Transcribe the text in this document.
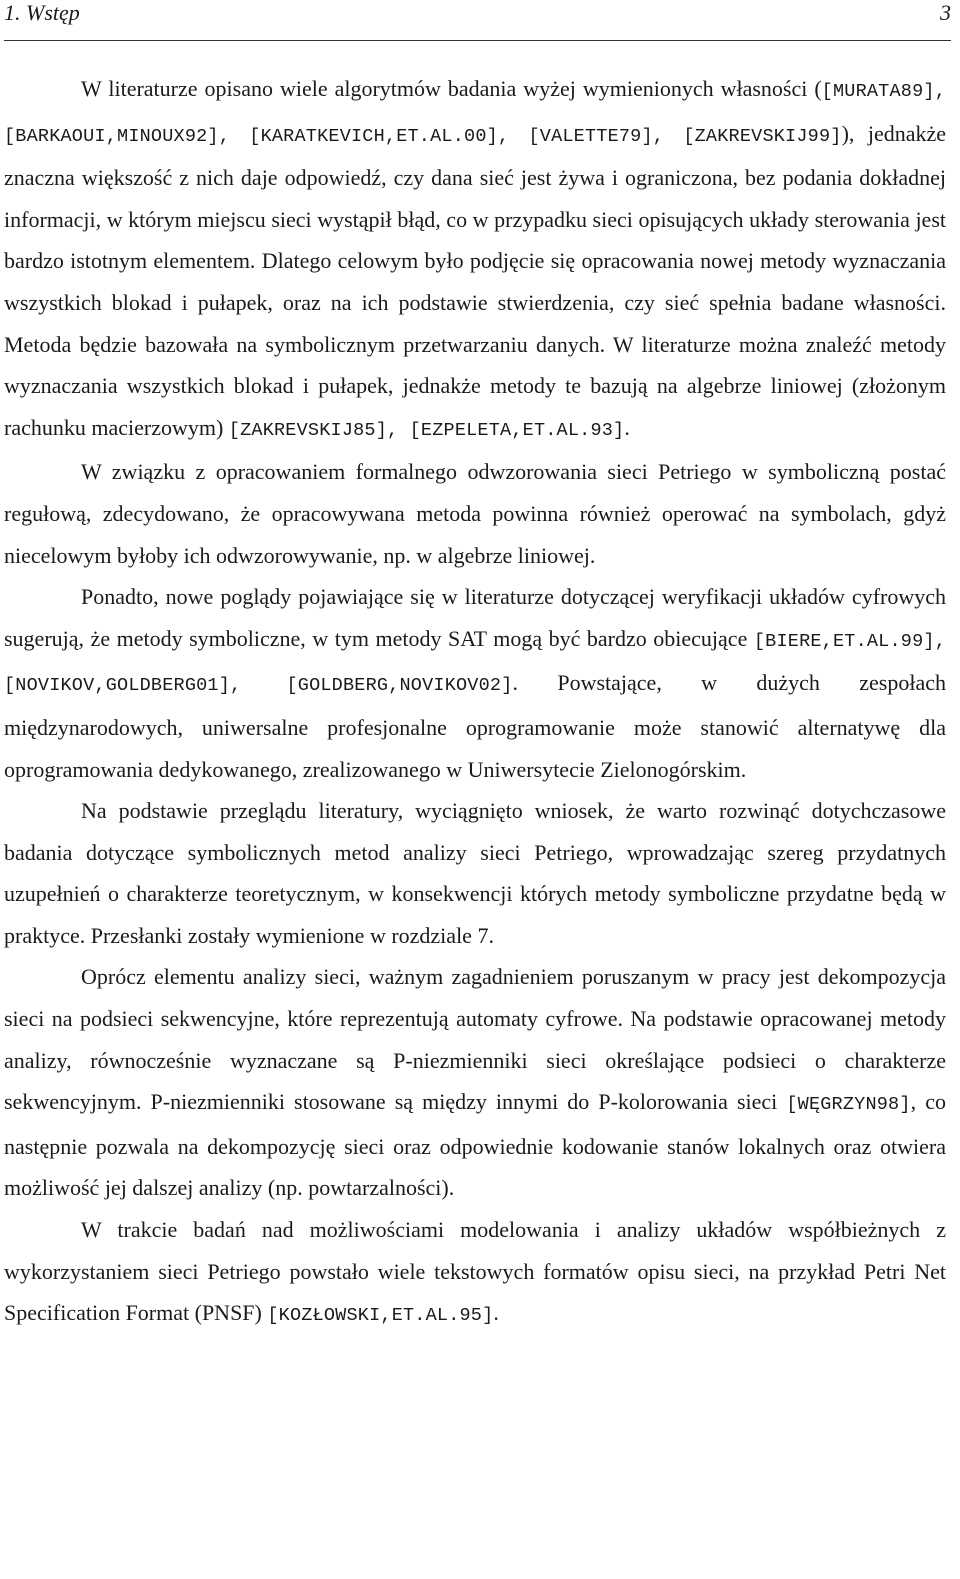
1. Wstęp	3

W literaturze opisano wiele algorytmów badania wyżej wymienionych własności ([MURATA89], [BARKAOUI,MINOUX92], [KARATKEVICH,ET.AL.00], [VALETTE79], [ZAKREVSKIJ99]), jednakże znaczna większość z nich daje odpowiedź, czy dana sieć jest żywa i ograniczona, bez podania dokładnej informacji, w którym miejscu sieci wystąpił błąd, co w przypadku sieci opisujących układy sterowania jest bardzo istotnym elementem. Dlatego celowym było podjęcie się opracowania nowej metody wyznaczania wszystkich blokad i pułapek, oraz na ich podstawie stwierdzenia, czy sieć spełnia badane własności. Metoda będzie bazowała na symbolicznym przetwarzaniu danych. W literaturze można znaleźć metody wyznaczania wszystkich blokad i pułapek, jednakże metody te bazują na algebrze liniowej (złożonym rachunku macierzowym) [ZAKREVSKIJ85], [EZPELETA,ET.AL.93].

W związku z opracowaniem formalnego odwzorowania sieci Petriego w symboliczną postać regułową, zdecydowano, że opracowywana metoda powinna również operować na symbolach, gdyż niecelowym byłoby ich odwzorowywanie, np. w algebrze liniowej.

Ponadto, nowe poglądy pojawiające się w literaturze dotyczącej weryfikacji układów cyfrowych sugerują, że metody symboliczne, w tym metody SAT mogą być bardzo obiecujące [BIERE,ET.AL.99], [NOVIKOV,GOLDBERG01], [GOLDBERG,NOVIKOV02]. Powstające, w dużych zespołach międzynarodowych, uniwersalne profesjonalne oprogramowanie może stanowić alternatywę dla oprogramowania dedykowanego, zrealizowanego w Uniwersytecie Zielonogórskim.

Na podstawie przeglądu literatury, wyciągnięto wniosek, że warto rozwinąć dotychczasowe badania dotyczące symbolicznych metod analizy sieci Petriego, wprowadzając szereg przydatnych uzupełnień o charakterze teoretycznym, w konsekwencji których metody symboliczne przydatne będą w praktyce. Przesłanki zostały wymienione w rozdziale 7.

Oprócz elementu analizy sieci, ważnym zagadnieniem poruszanym w pracy jest dekompozycja sieci na podsieci sekwencyjne, które reprezentują automaty cyfrowe. Na podstawie opracowanej metody analizy, równocześnie wyznaczane są P-niezmienniki sieci określające podsieci o charakterze sekwencyjnym. P-niezmienniki stosowane są między innymi do P-kolorowania sieci [WĘGRZYN98], co następnie pozwala na dekompozycję sieci oraz odpowiednie kodowanie stanów lokalnych oraz otwiera możliwość jej dalszej analizy (np. powtarzalności).

W trakcie badań nad możliwościami modelowania i analizy układów współbieżnych z wykorzystaniem sieci Petriego powstało wiele tekstowych formatów opisu sieci, na przykład Petri Net Specification Format (PNSF) [KOZŁOWSKI,ET.AL.95].
